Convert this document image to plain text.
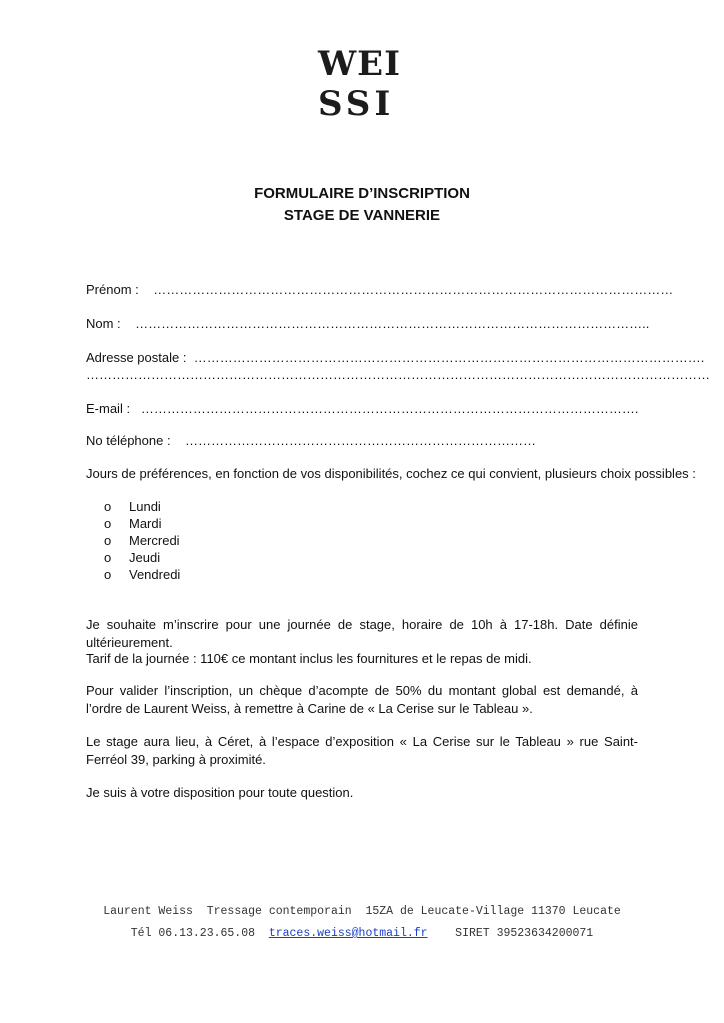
WEI
SSI
FORMULAIRE D’INSCRIPTION
STAGE DE VANNERIE
Prénom : …………………………………………………………………………………………………………
Nom : ………………………………………………………………………………………………………..
Adresse postale : ……………………………………………………………………………………………………….
………………………………………………………………………………………………………………………………
E-mail : …………………………………………………………………………………………………….
No téléphone : ………………………………………………………………………
Jours de préférences, en fonction de vos disponibilités, cochez ce qui convient, plusieurs choix possibles :
o Lundi
o Mardi
o Mercredi
o Jeudi
o Vendredi
Je souhaite m’inscrire pour une journée de stage, horaire de 10h à 17-18h. Date définie ultérieurement.
Tarif de la journée : 110€ ce montant inclus les fournitures et le repas de midi.
Pour valider l’inscription, un chèque d’acompte de 50% du montant global est demandé, à l’ordre de Laurent Weiss, à remettre à Carine de « La Cerise sur le Tableau ».
Le stage aura lieu, à Céret, à l’espace d’exposition « La Cerise sur le Tableau » rue Saint-Ferréol 39, parking à proximité.
Je suis à votre disposition pour toute question.
Laurent Weiss  Tressage contemporain  15ZA de Leucate-Village 11370 Leucate
Tél 06.13.23.65.08 traces.weiss@hotmail.fr SIRET 39523634200071
